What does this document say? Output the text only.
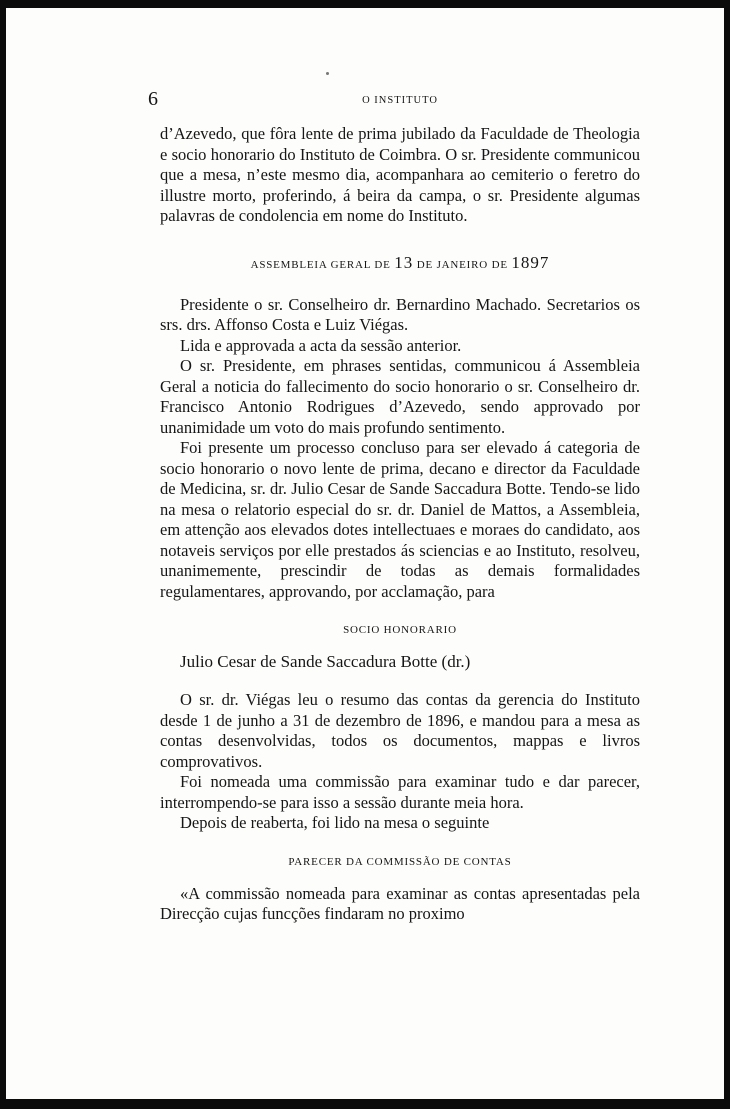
6	O INSTITUTO

d’Azevedo, que fôra lente de prima jubilado da Faculdade de Theologia e socio honorario do Instituto de Coimbra. O sr. Presidente communicou que a mesa, n’este mesmo dia, acompanhara ao cemiterio o feretro do illustre morto, proferindo, á beira da campa, o sr. Presidente algumas palavras de condolencia em nome do Instituto.

ASSEMBLEIA GERAL DE 13 DE JANEIRO DE 1897

Presidente o sr. Conselheiro dr. Bernardino Machado. Secretarios os srs. drs. Affonso Costa e Luiz Viégas.

Lida e approvada a acta da sessão anterior.

O sr. Presidente, em phrases sentidas, communicou á Assembleia Geral a noticia do fallecimento do socio honorario o sr. Conselheiro dr. Francisco Antonio Rodrigues d’Azevedo, sendo approvado por unanimidade um voto do mais profundo sentimento.

Foi presente um processo concluso para ser elevado á categoria de socio honorario o novo lente de prima, decano e director da Faculdade de Medicina, sr. dr. Julio Cesar de Sande Saccadura Botte. Tendo-se lido na mesa o relatorio especial do sr. dr. Daniel de Mattos, a Assembleia, em attenção aos elevados dotes intellectuaes e moraes do candidato, aos notaveis serviços por elle prestados ás sciencias e ao Instituto, resolveu, unanimemente, prescindir de todas as demais formalidades regulamentares, approvando, por acclamação, para

SOCIO HONORARIO
Julio Cesar de Sande Saccadura Botte (dr.)

O sr. dr. Viégas leu o resumo das contas da gerencia do Instituto desde 1 de junho a 31 de dezembro de 1896, e mandou para a mesa as contas desenvolvidas, todos os documentos, mappas e livros comprovativos.

Foi nomeada uma commissão para examinar tudo e dar parecer, interrompendo-se para isso a sessão durante meia hora.

Depois de reaberta, foi lido na mesa o seguinte

PARECER DA COMMISSÃO DE CONTAS

«A commissão nomeada para examinar as contas apresentadas pela Direcção cujas funcções findaram no proximo
